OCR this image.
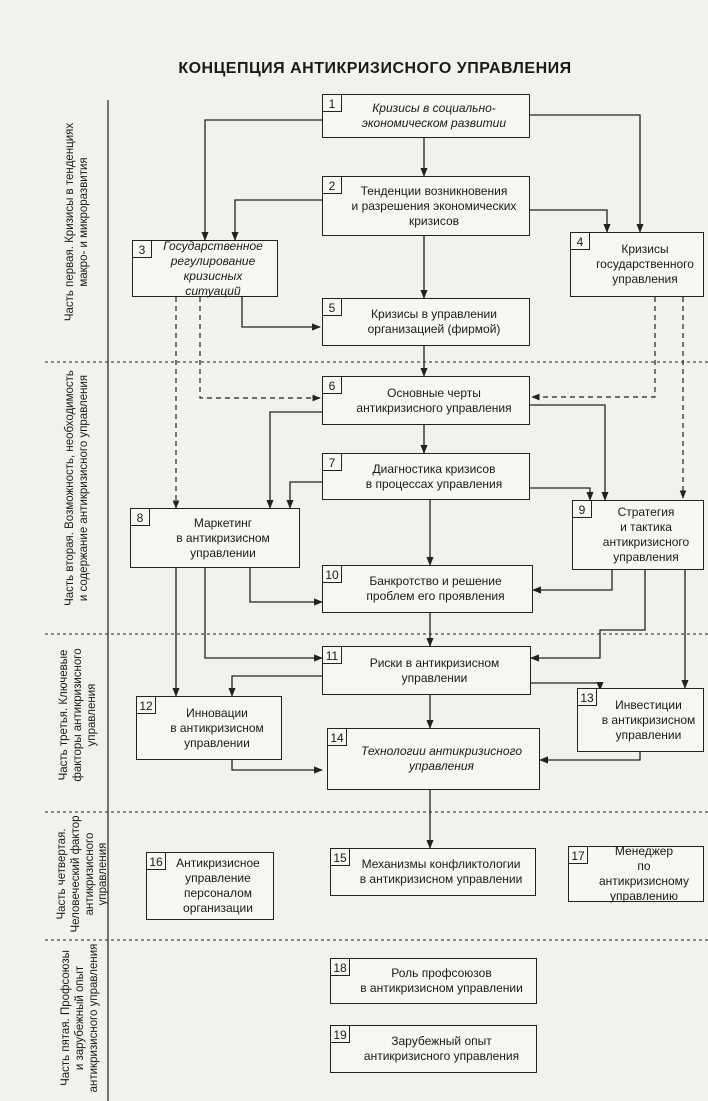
КОНЦЕПЦИЯ АНТИКРИЗИСНОГО УПРАВЛЕНИЯ
Часть первая. Кризисы в тенденциях
макро- и микроразвития
Часть вторая. Возможность, необходимость
и содержание антикризисного управления
Часть третья. Ключевые
факторы антикризисного
управления
Часть четвертая.
Человеческий фактор
антикризисного
управления
Часть пятая. Профсоюзы
и зарубежный опыт
антикризисного управления
1	Кризисы в социально-
экономическом развитии
2	Тенденции возникновения
и разрешения экономических
кризисов
3	Государственное
регулирование
кризисных ситуаций
4	Кризисы
государственного
управления
5	Кризисы в управлении
организацией (фирмой)
6	Основные черты
антикризисного управления
7	Диагностика кризисов
в процессах управления
8	Маркетинг
в антикризисном
управлении
9	Стратегия
и тактика
антикризисного
управления
10	Банкротство и решение
проблем его проявления
11	Риски в антикризисном
управлении
12	Инновации
в антикризисном
управлении
13	Инвестиции
в антикризисном
управлении
14
Технологии антикризисного
управления
15	Механизмы конфликтологии
в антикризисном управлении
16	Антикризисное
управление
персоналом
организации
17	Менеджер
по антикризисному
управлению
18	Роль профсоюзов
в антикризисном управлении
19	Зарубежный опыт
антикризисного управления
